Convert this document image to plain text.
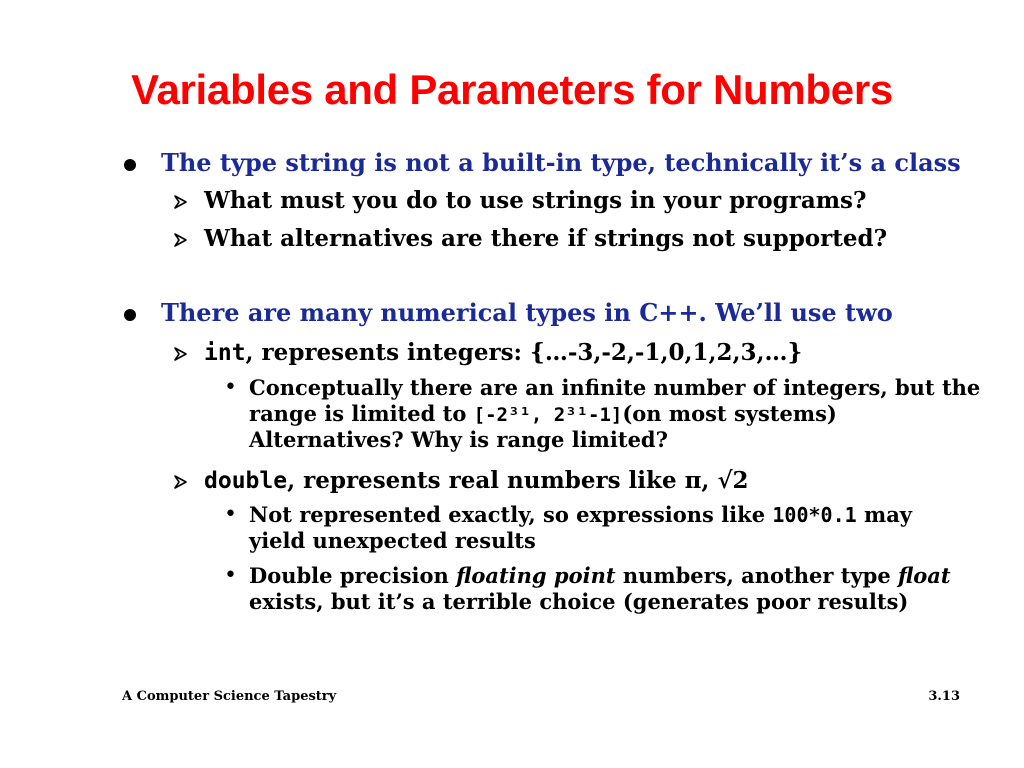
Variables and Parameters for Numbers
The type string is not a built-in type, technically it’s a class
What must you do to use strings in your programs?
What alternatives are there if strings not supported?
There are many numerical types in C++. We’ll use two
int, represents integers: {…-3,-2,-1,0,1,2,3,…}
• Conceptually there are an infinite number of integers, but the
range is limited to [-2³¹, 2³¹-1](on most systems)
Alternatives? Why is range limited?
double, represents real numbers like π, √2
• Not represented exactly, so expressions like 100*0.1 may
yield unexpected results
• Double precision floating point numbers, another type float
exists, but it’s a terrible choice (generates poor results)
A Computer Science Tapestry	3.13
